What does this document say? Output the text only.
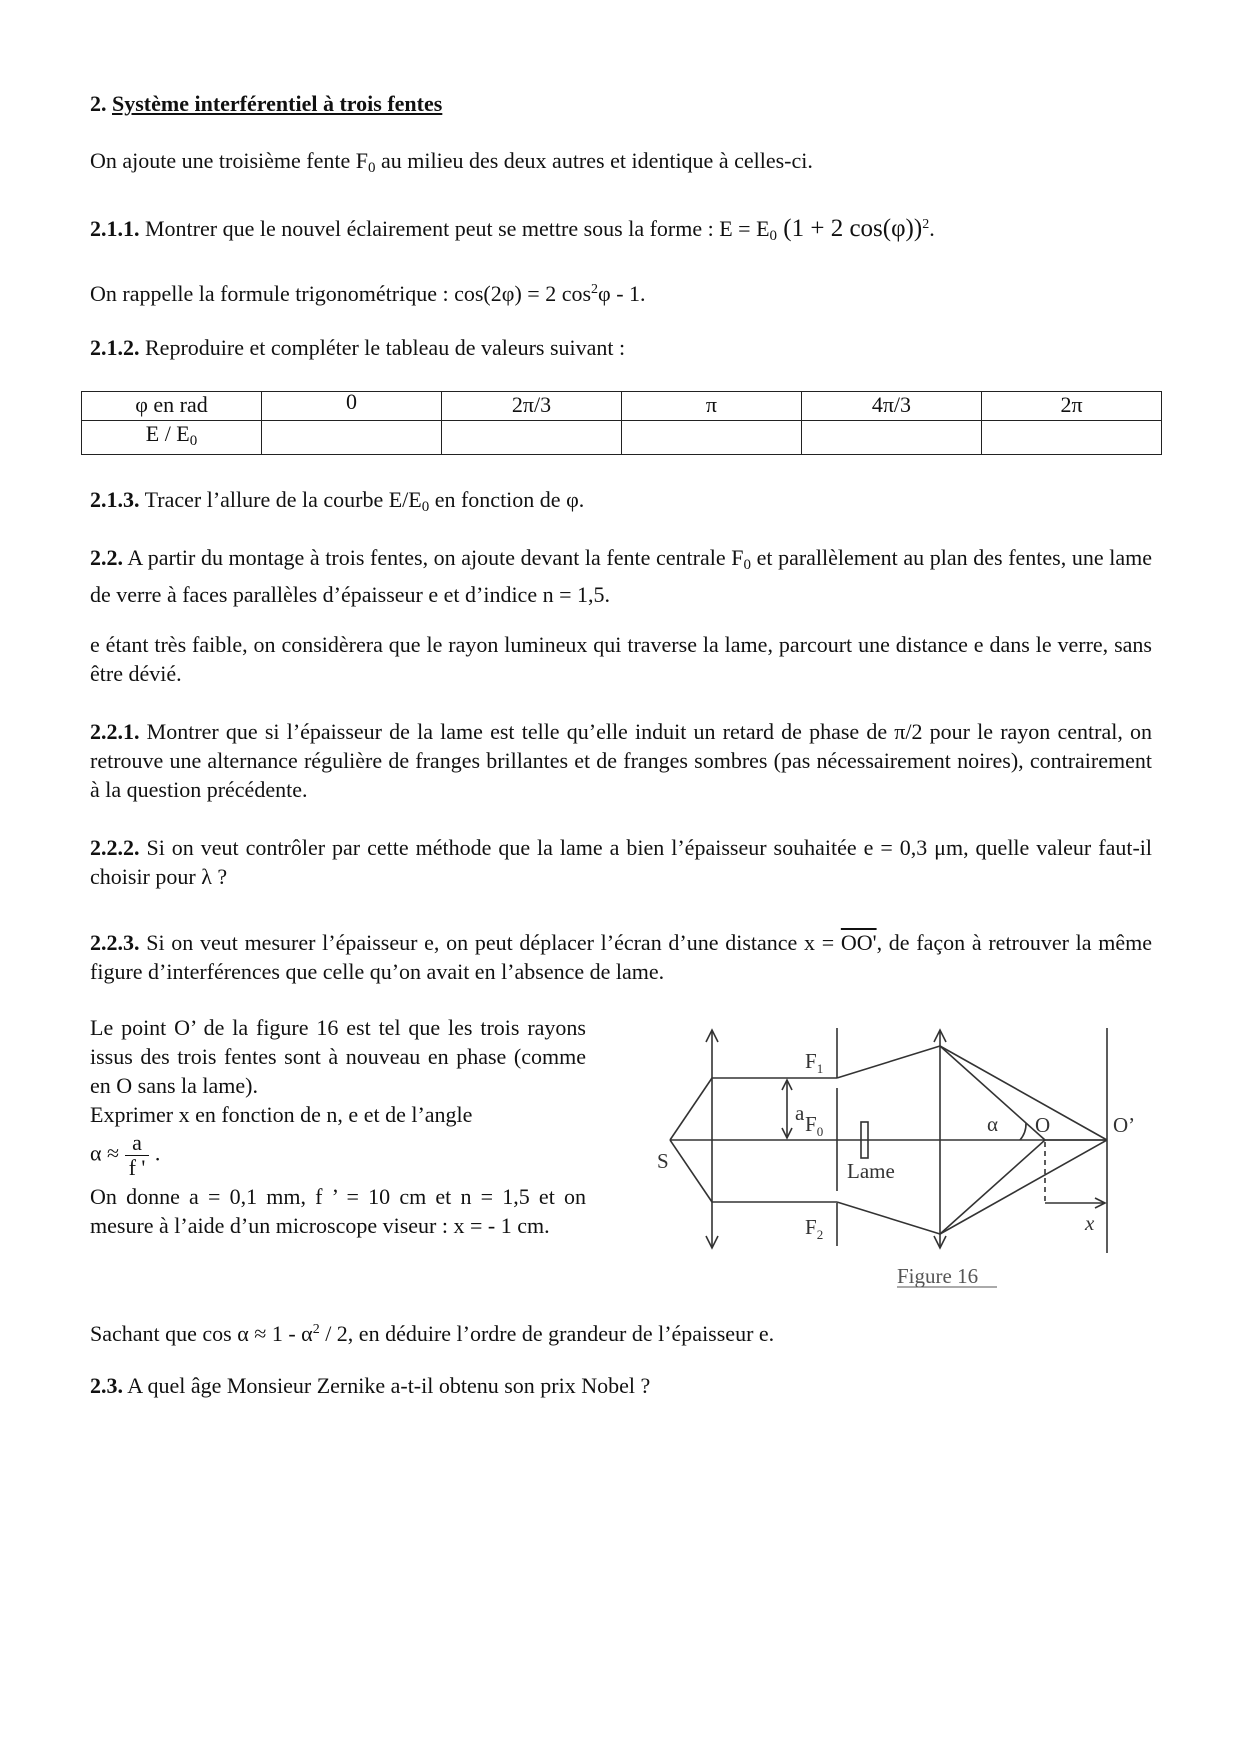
2. Système interférentiel à trois fentes
On ajoute une troisième fente $F_0$ au milieu des deux autres et identique à celles-ci.
2.1.1. Montrer que le nouvel éclairement peut se mettre sous la forme : $E = E_0$ (1 + 2 cos(φ))$^2$.
On rappelle la formule trigonométrique : cos(2φ) = 2 $\cos^2\varphi - 1$.
2.1.2. Reproduire et compléter le tableau de valeurs suivant :
φ en rad	0	2π/3	π	4π/3	2π
E / $E_0$					
2.1.3. Tracer l’allure de la courbe $E/E_0$ en fonction de φ.
2.2. A partir du montage à trois fentes, on ajoute devant la fente centrale $F_0$ et parallèlement au plan des fentes, une lame de verre à faces parallèles d’épaisseur e et d’indice n = 1,5.
e étant très faible, on considèrera que le rayon lumineux qui traverse la lame, parcourt une distance e dans le verre, sans être dévié.
2.2.1. Montrer que si l’épaisseur de la lame est telle qu’elle induit un retard de phase de π/2 pour le rayon central, on retrouve une alternance régulière de franges brillantes et de franges sombres (pas nécessairement noires), contrairement à la question précédente.
2.2.2. Si on veut contrôler par cette méthode que la lame a bien l’épaisseur souhaitée e = 0,3 μm, quelle valeur faut-il choisir pour λ ?
2.2.3. Si on veut mesurer l’épaisseur e, on peut déplacer l’écran d’une distance x = OO', de façon à retrouver la même figure d’interférences que celle qu’on avait en l’absence de lame.
Le point O’ de la figure 16 est tel que les trois rayons issus des trois fentes sont à nouveau en phase (comme en O sans la lame).
Exprimer x en fonction de n, e et de l’angle
$\alpha \approx \frac{a}{f '}$ .
On donne a = 0,1 mm, f ’ = 10 cm et n = 1,5 et on mesure à l’aide d’un microscope viseur : x = - 1 cm.
S
$F_1$
$F_0$
$F_2$
a	α O	O’
Lame
x
Figure 16
Sachant que $\cos \alpha \approx 1 - \alpha^2 / 2$, en déduire l’ordre de grandeur de l’épaisseur e.
2.3. A quel âge Monsieur Zernike a-t-il obtenu son prix Nobel ?
